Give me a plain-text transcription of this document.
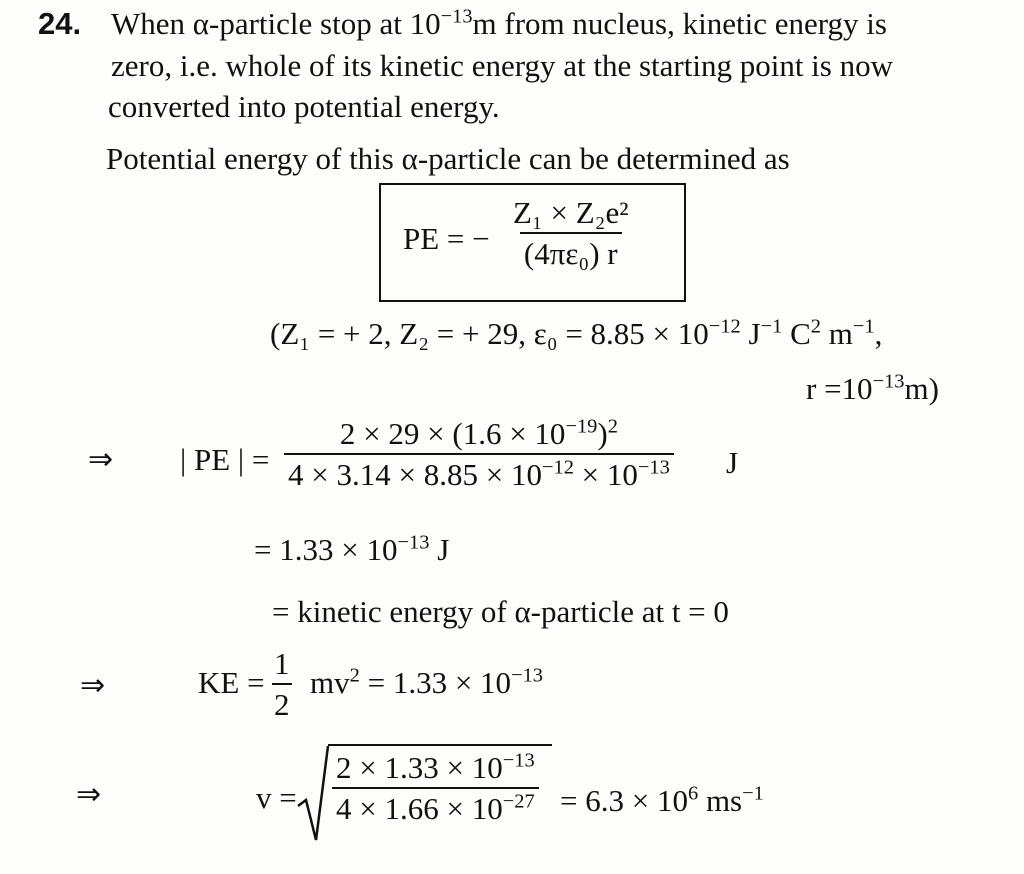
24. When α-particle stop at $10^{-13}m$ from nucleus, kinetic energy is
zero, i.e. whole of its kinetic energy at the starting point is now
converted into potential energy.
Potential energy of this α-particle can be determined as
PE = − $\frac{\text{Z₁ × Z₂e²}}{\text{(4πε₀) r}}$
(Z₁ = + 2, Z₂ = + 29, $\varepsilon_0 = 8.85 \times 10^{-12}$ $J^{-1}$ $C^2$ $m^{-1}$,
$r =10^{-13}m$)
⇒ | PE | = $\frac{2 \times 29 \times (1.6 \times 10^{-19})^2}{4 \times 3.14 \times 8.85 \times 10^{-12} \times 10^{-13}}$ J
= $1.33 \times 10^{-13}$ J
= kinetic energy of α-particle at t = 0
⇒	KE = $\frac{1}{2} mv^2 = 1.33 \times 10^{-13}$
⇒	$v = \frac{2 \times 1.33 \times 10^{-13}}{4 \times 1.66 \times 10^{-27}} = 6.3 \times 10^6$ $ms^{-1}$
